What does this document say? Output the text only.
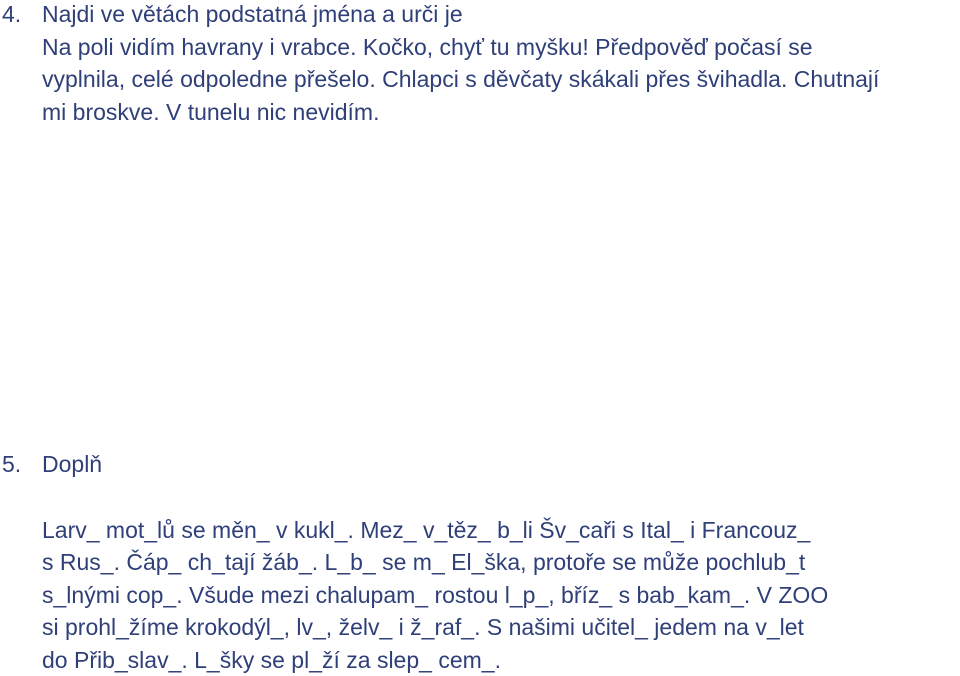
4. Najdi ve větách podstatná jména a urči je
Na poli vidím havrany i vrabce. Kočko, chyť tu myšku! Předpověď počasí se
vyplnila, celé odpoledne přešelo. Chlapci s děvčaty skákali přes švihadla. Chutnají
mi broskve. V tunelu nic nevidím.
5. Doplň
Larv_ mot_lů se měn_ v kukl_. Mez_ v_těz_ b_li Šv_caři s Ital_ i Francouz_
s Rus_. Čáp_ ch_tají žáb_. L_b_ se m_ El_ška, protoře se může pochlub_t
s_lnými cop_. Všude mezi chalupam_ rostou l_p_, bříz_ s bab_kam_. V ZOO
si prohl_žíme krokodýl_, lv_, želv_ i ž_raf_. S našimi učitel_ jedem na v_let
do Přib_slav_. L_šky se pl_ží za slep_ cem_.
